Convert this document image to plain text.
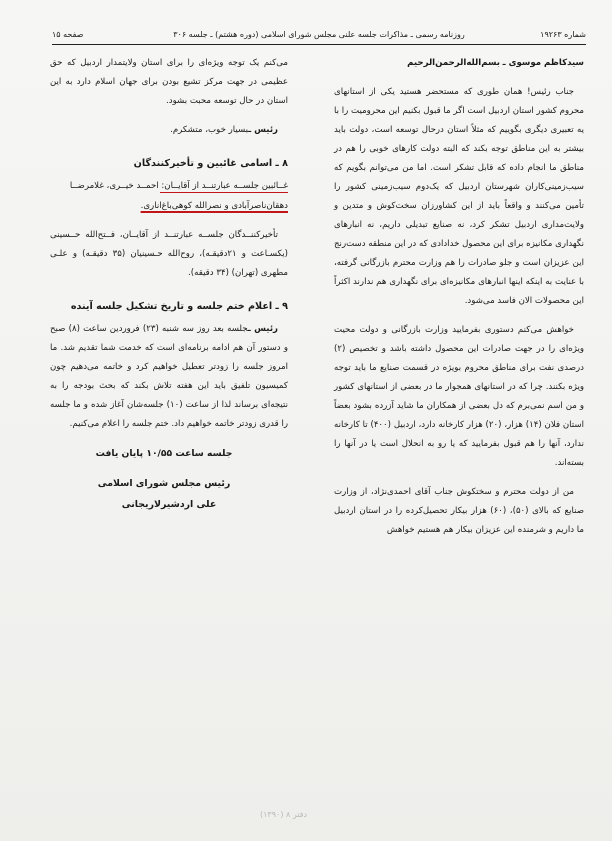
شماره ۱۹۲۶۳
روزنامه رسمی ـ مذاکرات جلسه علنی مجلس شورای اسلامی (دوره هشتم) ـ جلسه ۳۰۶
صفحه ۱۵

سیدکاظم موسوی ـ بسم‌الله‌الرحمن‌الرحیم

جناب رئیس! همان طوری که مستحضر هستید یکی از استانهای محروم کشور استان اردبیل است اگر ما قبول بکنیم این محرومیت را با یه تعبیری دیگری بگوییم که مثلاً استان درحال توسعه است، دولت باید بیشتر به این مناطق توجه بکند که البته دولت کارهای خوبی را هم در مناطق ما انجام داده که قابل تشکر است. اما من می‌توانم بگویم که سیب‌زمینی‌کاران شهرستان اردبیل که یک‌دوم سیب‌زمینی کشور را تأمین می‌کنند و واقعاً باید از این کشاورزان سخت‌کوش و متدین و ولایت‌مداری اردبیل تشکر کرد، نه صنایع تبدیلی داریم، نه انبارهای نگهداری مکانیزه برای این محصول خدادادی که در این منطقه دست‌رنج این عزیزان است و جلو صادرات را هم وزارت محترم بازرگانی گرفته، با عنایت به اینکه اینها انبارهای مکانیزه‌ای برای نگهداری هم ندارند اکثراً این محصولات الان فاسد می‌شود.

خواهش می‌کنم دستوری بفرمایید وزارت بازرگانی و دولت محیت ویژه‌ای را در جهت صادرات این محصول داشته باشد و تخصیص (۲) درصدی نفت برای مناطق محروم بویژه در قسمت صنایع ما باید توجه ویژه بکنند. چرا که در استانهای همجوار ما در بعضی از استانهای کشور و من اسم نمی‌برم که دل بعضی از همکاران ما شاید آزرده بشود بعضاً استان فلان (۱۴) هزار، (۲۰) هزار کارخانه دارد، اردبیل (۴۰۰) تا کارخانه ندارد، آنها را هم قبول بفرمایید که یا رو به انحلال است یا در آنها را بسته‌اند.

من از دولت محترم و سختکوش جناب آقای احمدی‌نژاد، از وزارت صنایع که بالای (۵۰)، (۶۰) هزار بیکار تحصیل‌کرده را در استان اردبیل ما داریم و شرمنده این عزیزان بیکار هم هستیم خواهش

می‌کنم یک توجه ویژه‌ای را برای استان ولایتمدار اردبیل که حق عظیمی در جهت مرکز تشیع بودن برای جهان اسلام دارد به این استان در حال توسعه محبت بشود.

رئیس ـبسیار خوب، متشکرم.

۸ ـ اسامی غائبین و تأخیرکنندگان

غــائبین جلســه عبارتنــد از آقایــان: احمــد خیــری، غلامرضــا
دهقان‌ناصرآبادی و نصرالله کوهی‌باغ‌اناری.

تأخیرکننــدگان جلســه عبارتنــد از آقایــان، فــتح‌الله حــسینی (یکسـاعت و ۲۱دقیقـه)، روح‌الله حـسینیان (۳۵ دقیقـه) و علـی مطهری (تهران) (۳۴ دقیقه).

۹ ـ اعلام ختم جلسه و تاریخ تشکیل جلسه آینده

رئیس ـجلسه بعد روز سه شنبه (۲۳) فروردین ساعت (۸) صبح و دستور آن هم ادامه برنامه‌ای است که خدمت شما تقدیم شد. ما امروز جلسه را زودتر تعطیل خواهیم کرد و خاتمه می‌دهیم چون کمیسیون تلفیق باید این هفته تلاش بکند که بحث بودجه را به نتیجه‌ای برساند لذا از ساعت (۱۰) جلسه‌شان آغاز شده و ما جلسه را قدری زودتر خاتمه خواهیم داد. ختم جلسه را اعلام می‌کنیم.

جلسه ساعت ۱۰/۵۵ پایان یافت

رئیس مجلس شورای اسلامی
علی اردشیرلاریجانی

دفتر ۸ (۱۳۹۰)
